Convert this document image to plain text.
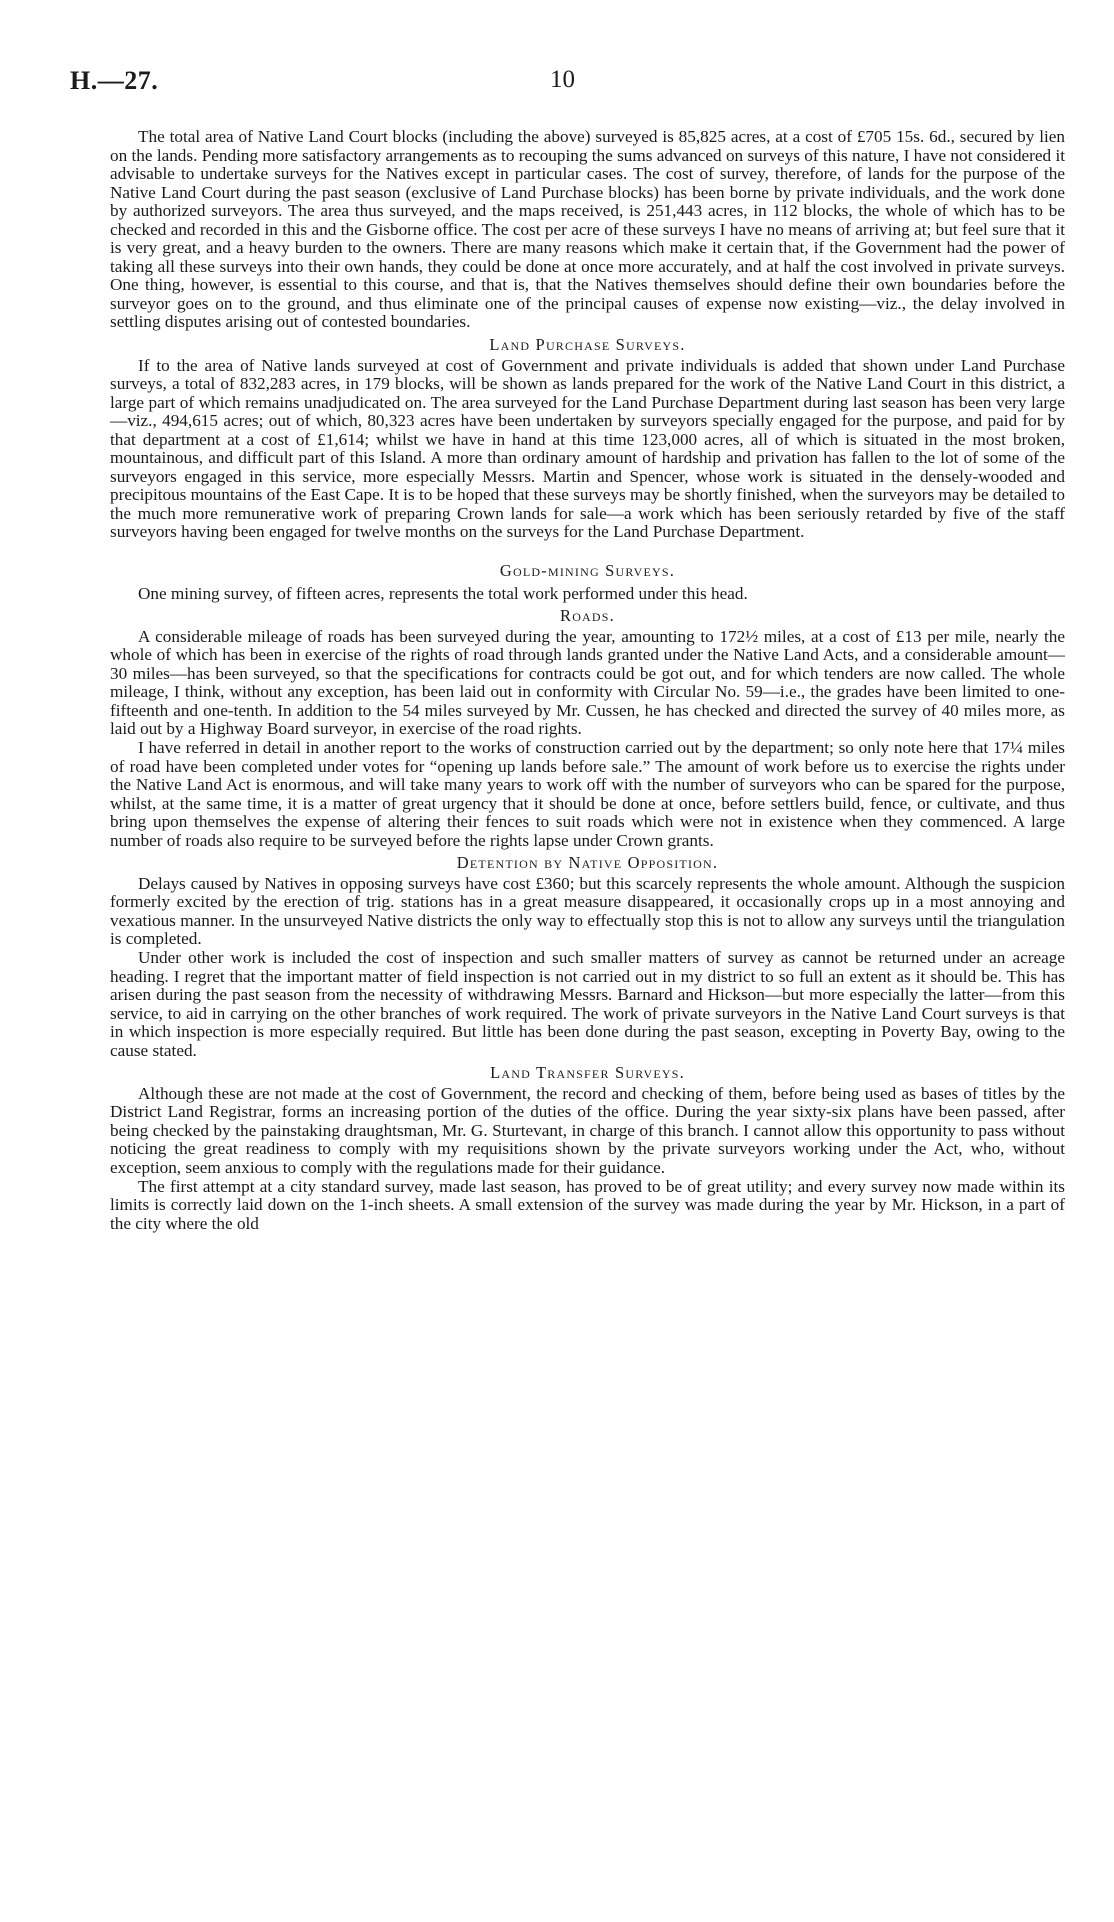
H.—27.	10

The total area of Native Land Court blocks (including the above) surveyed is 85,825 acres, at a cost of £705 15s. 6d., secured by lien on the lands. Pending more satisfactory arrangements as to recouping the sums advanced on surveys of this nature, I have not considered it advisable to undertake surveys for the Natives except in particular cases. The cost of survey, therefore, of lands for the purpose of the Native Land Court during the past season (exclusive of Land Purchase blocks) has been borne by private individuals, and the work done by authorized surveyors. The area thus surveyed, and the maps received, is 251,443 acres, in 112 blocks, the whole of which has to be checked and recorded in this and the Gisborne office. The cost per acre of these surveys I have no means of arriving at; but feel sure that it is very great, and a heavy burden to the owners. There are many reasons which make it certain that, if the Government had the power of taking all these surveys into their own hands, they could be done at once more accurately, and at half the cost involved in private surveys. One thing, however, is essential to this course, and that is, that the Natives themselves should define their own boundaries before the surveyor goes on to the ground, and thus eliminate one of the principal causes of expense now existing—viz., the delay involved in settling disputes arising out of contested boundaries.

Land Purchase Surveys.

If to the area of Native lands surveyed at cost of Government and private individuals is added that shown under Land Purchase surveys, a total of 832,283 acres, in 179 blocks, will be shown as lands prepared for the work of the Native Land Court in this district, a large part of which remains unadjudicated on. The area surveyed for the Land Purchase Department during last season has been very large—viz., 494,615 acres; out of which, 80,323 acres have been undertaken by surveyors specially engaged for the purpose, and paid for by that department at a cost of £1,614; whilst we have in hand at this time 123,000 acres, all of which is situated in the most broken, mountainous, and difficult part of this Island. A more than ordinary amount of hardship and privation has fallen to the lot of some of the surveyors engaged in this service, more especially Messrs. Martin and Spencer, whose work is situated in the densely-wooded and precipitous mountains of the East Cape. It is to be hoped that these surveys may be shortly finished, when the surveyors may be detailed to the much more remunerative work of preparing Crown lands for sale—a work which has been seriously retarded by five of the staff surveyors having been engaged for twelve months on the surveys for the Land Purchase Department.

Gold-mining Surveys.

One mining survey, of fifteen acres, represents the total work performed under this head.

Roads.

A considerable mileage of roads has been surveyed during the year, amounting to 172½ miles, at a cost of £13 per mile, nearly the whole of which has been in exercise of the rights of road through lands granted under the Native Land Acts, and a considerable amount—30 miles—has been surveyed, so that the specifications for contracts could be got out, and for which tenders are now called. The whole mileage, I think, without any exception, has been laid out in conformity with Circular No. 59—i.e., the grades have been limited to one-fifteenth and one-tenth. In addition to the 54 miles surveyed by Mr. Cussen, he has checked and directed the survey of 40 miles more, as laid out by a Highway Board surveyor, in exercise of the road rights.

I have referred in detail in another report to the works of construction carried out by the department; so only note here that 17¼ miles of road have been completed under votes for “opening up lands before sale.” The amount of work before us to exercise the rights under the Native Land Act is enormous, and will take many years to work off with the number of surveyors who can be spared for the purpose, whilst, at the same time, it is a matter of great urgency that it should be done at once, before settlers build, fence, or cultivate, and thus bring upon themselves the expense of altering their fences to suit roads which were not in existence when they commenced. A large number of roads also require to be surveyed before the rights lapse under Crown grants.

Detention by Native Opposition.

Delays caused by Natives in opposing surveys have cost £360; but this scarcely represents the whole amount. Although the suspicion formerly excited by the erection of trig. stations has in a great measure disappeared, it occasionally crops up in a most annoying and vexatious manner. In the unsurveyed Native districts the only way to effectually stop this is not to allow any surveys until the triangulation is completed.

Under other work is included the cost of inspection and such smaller matters of survey as cannot be returned under an acreage heading. I regret that the important matter of field inspection is not carried out in my district to so full an extent as it should be. This has arisen during the past season from the necessity of withdrawing Messrs. Barnard and Hickson—but more especially the latter—from this service, to aid in carrying on the other branches of work required. The work of private surveyors in the Native Land Court surveys is that in which inspection is more especially required. But little has been done during the past season, excepting in Poverty Bay, owing to the cause stated.

Land Transfer Surveys.

Although these are not made at the cost of Government, the record and checking of them, before being used as bases of titles by the District Land Registrar, forms an increasing portion of the duties of the office. During the year sixty-six plans have been passed, after being checked by the painstaking draughtsman, Mr. G. Sturtevant, in charge of this branch. I cannot allow this opportunity to pass without noticing the great readiness to comply with my requisitions shown by the private surveyors working under the Act, who, without exception, seem anxious to comply with the regulations made for their guidance.

The first attempt at a city standard survey, made last season, has proved to be of great utility; and every survey now made within its limits is correctly laid down on the 1-inch sheets. A small extension of the survey was made during the year by Mr. Hickson, in a part of the city where the old
